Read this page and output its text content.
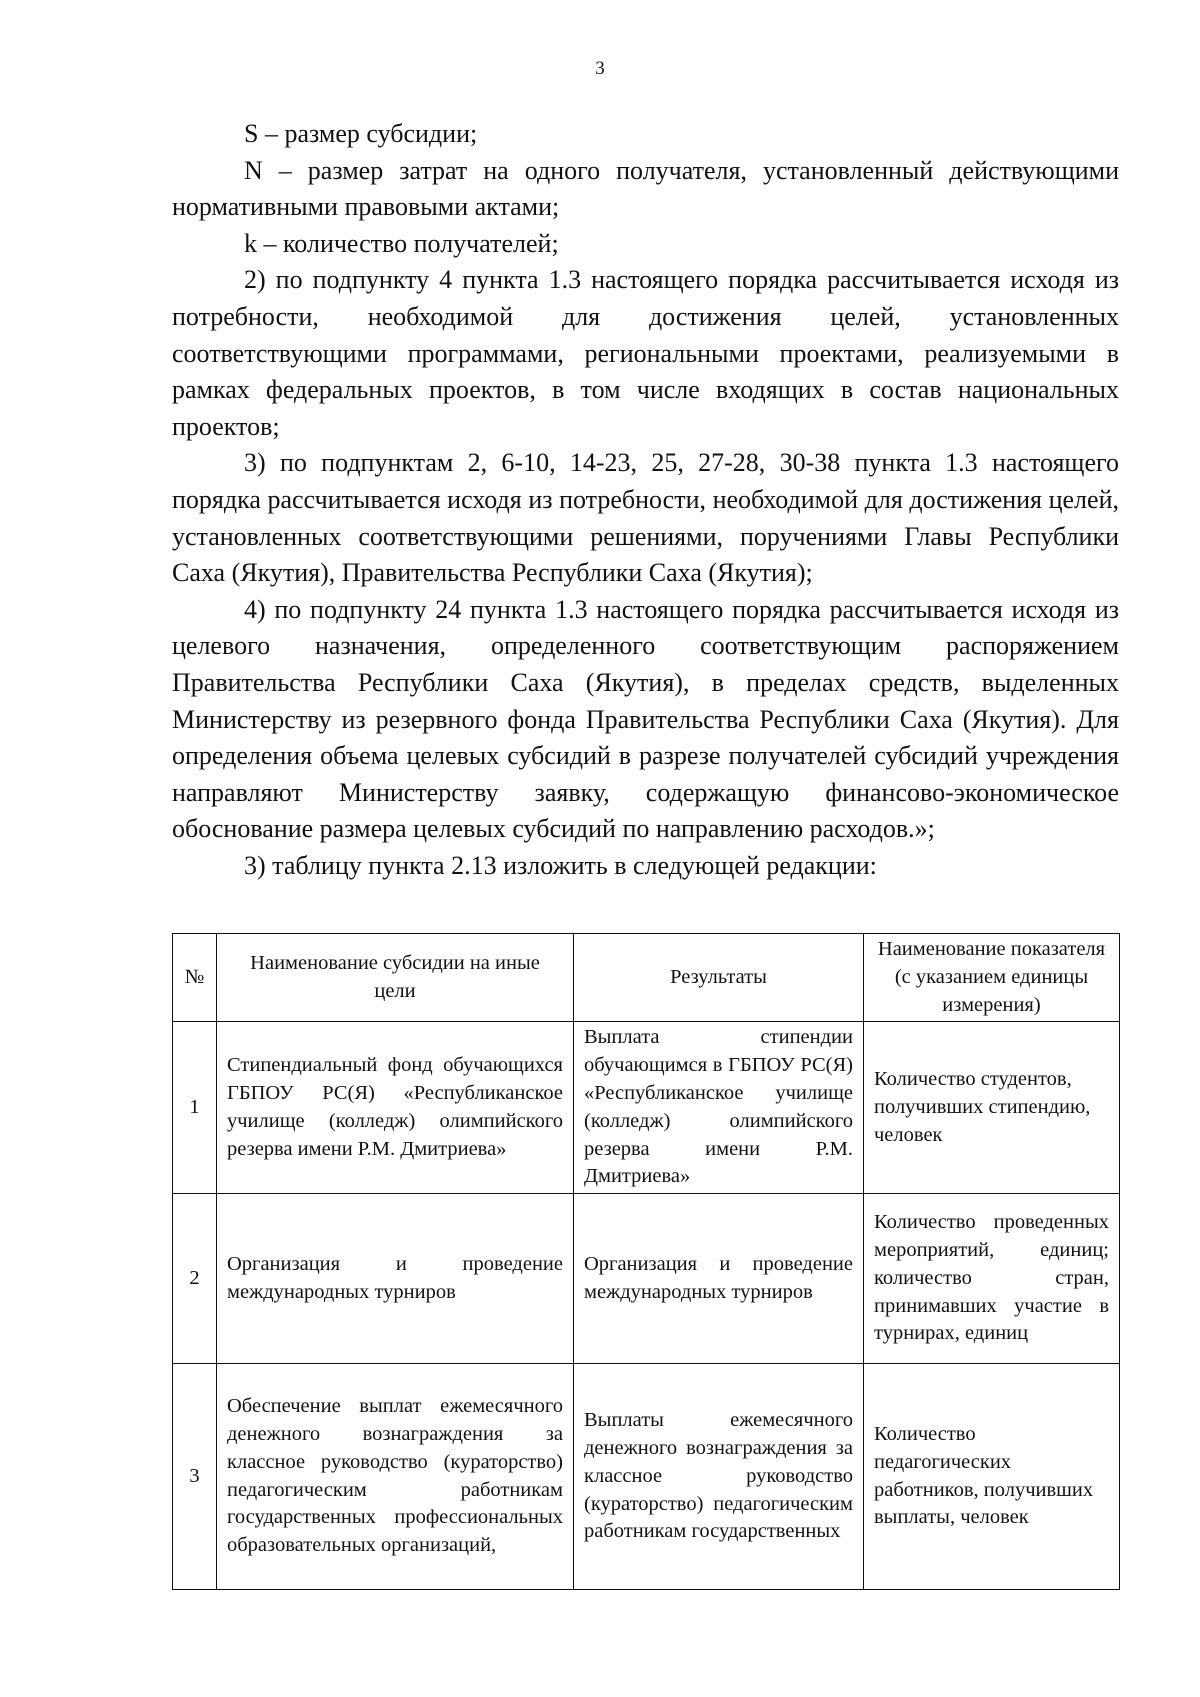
3

S – размер субсидии;

N – размер затрат на одного получателя, установленный действующими нормативными правовыми актами;

k – количество получателей;

2) по подпункту 4 пункта 1.3 настоящего порядка рассчитывается исходя из потребности, необходимой для достижения целей, установленных соответствующими программами, региональными проектами, реализуемыми в рамках федеральных проектов, в том числе входящих в состав национальных проектов;

3) по подпунктам 2, 6-10, 14-23, 25, 27-28, 30-38 пункта 1.3 настоящего порядка рассчитывается исходя из потребности, необходимой для достижения целей, установленных соответствующими решениями, поручениями Главы Республики Саха (Якутия), Правительства Республики Саха (Якутия);

4) по подпункту 24 пункта 1.3 настоящего порядка рассчитывается исходя из целевого назначения, определенного соответствующим распоряжением Правительства Республики Саха (Якутия), в пределах средств, выделенных Министерству из резервного фонда Правительства Республики Саха (Якутия). Для определения объема целевых субсидий в разрезе получателей субсидий учреждения направляют Министерству заявку, содержащую финансово-экономическое обоснование размера целевых субсидий по направлению расходов.»;

3) таблицу пункта 2.13 изложить в следующей редакции:

№	Наименование субсидии на иные цели	Результаты	Наименование показателя (с указанием единицы измерения)
1	Стипендиальный фонд обучающихся ГБПОУ РС(Я) «Республиканское училище (колледж) олимпийского резерва имени Р.М. Дмитриева»	Выплата стипендии обучающимся в ГБПОУ РС(Я) «Республиканское училище (колледж) олимпийского резерва имени Р.М. Дмитриева»	Количество студентов, получивших стипендию, человек
2	Организация и проведение международных турниров	Организация и проведение международных турниров	Количество проведенных мероприятий, единиц; количество стран, принимавших участие в турнирах, единиц
3	Обеспечение выплат ежемесячного денежного вознаграждения за классное руководство (кураторство) педагогическим работникам государственных профессиональных образовательных организаций,	Выплаты ежемесячного денежного вознаграждения за классное руководство (кураторство) педагогическим работникам государственных	Количество педагогических работников, получивших выплаты, человек
